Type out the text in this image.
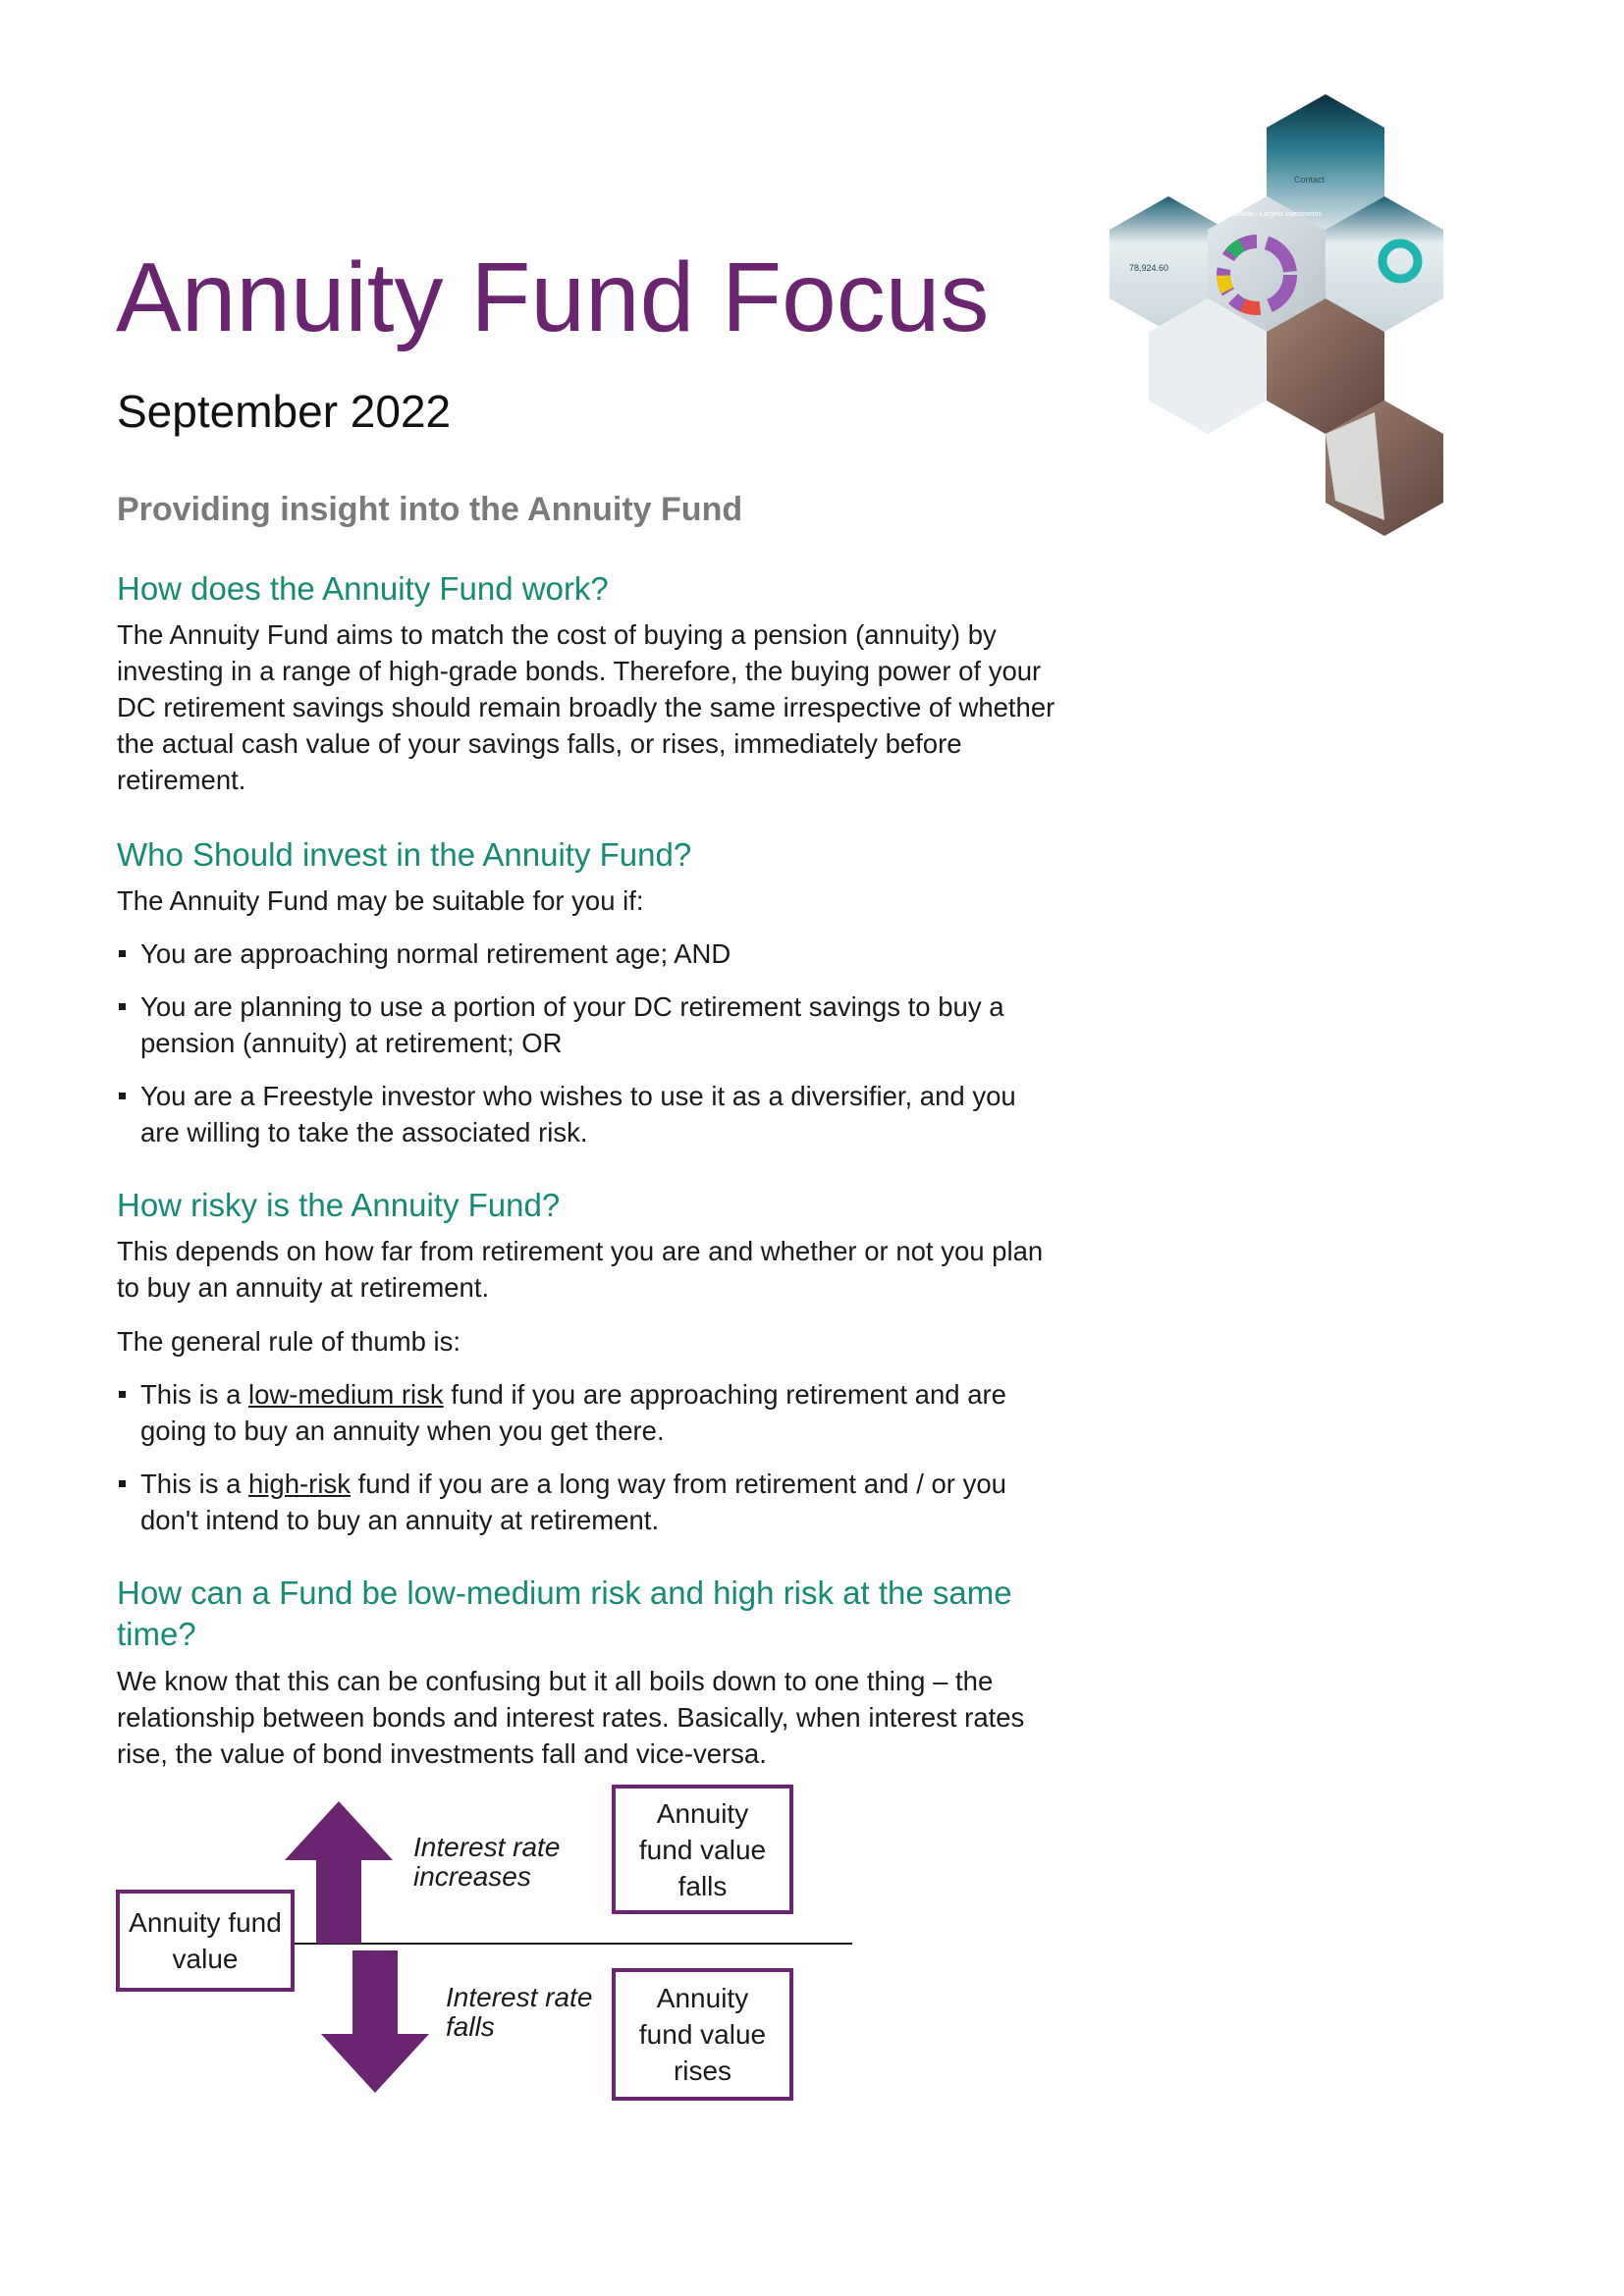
Contact
78,924.60
My Portfolio - Largest Investments
Annuity Fund Focus
September 2022
Providing insight into the Annuity Fund
How does the Annuity Fund work?
The Annuity Fund aims to match the cost of buying a pension (annuity) by investing in a range of high-grade bonds. Therefore, the buying power of your DC retirement savings should remain broadly the same irrespective of whether the actual cash value of your savings falls, or rises, immediately before retirement.
Who Should invest in the Annuity Fund?
The Annuity Fund may be suitable for you if:
You are approaching normal retirement age; AND
You are planning to use a portion of your DC retirement savings to buy a pension (annuity) at retirement; OR
You are a Freestyle investor who wishes to use it as a diversifier, and you are willing to take the associated risk.
How risky is the Annuity Fund?
This depends on how far from retirement you are and whether or not you plan to buy an annuity at retirement.
The general rule of thumb is:
This is a low-medium risk fund if you are approaching retirement and are going to buy an annuity when you get there.
This is a high-risk fund if you are a long way from retirement and / or you don't intend to buy an annuity at retirement.
How can a Fund be low-medium risk and high risk at the same time?
We know that this can be confusing but it all boils down to one thing – the relationship between bonds and interest rates. Basically, when interest rates rise, the value of bond investments fall and vice-versa.
Annuity fund value
Interest rate increases
Interest rate falls
Annuity fund value falls
Annuity fund value rises
